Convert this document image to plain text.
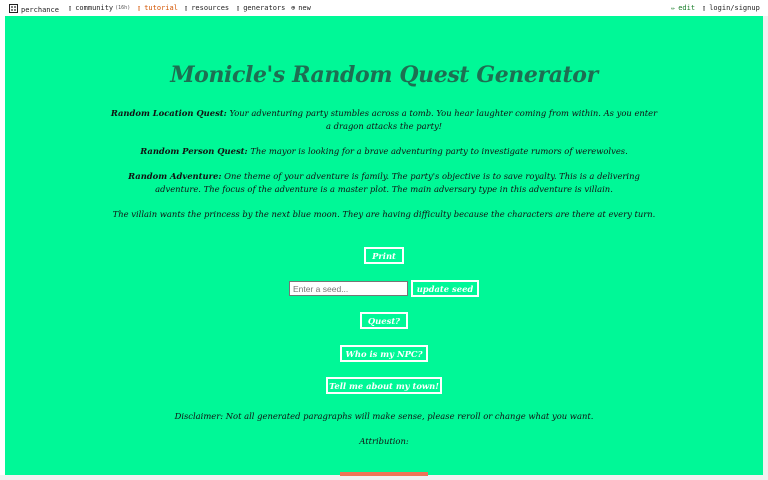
perchance ▯ community (16h) ▯ tutorial ▯ resources ▯ generators ⊕ new	✏ edit ▯ login/signup
Monicle's Random Quest Generator
Random Location Quest: Your adventuring party stumbles across a tomb. You hear laughter coming from within. As you enter a dragon attacks the party!
Random Person Quest: The mayor is looking for a brave adventuring party to investigate rumors of werewolves.
Random Adventure: One theme of your adventure is family. The party's objective is to save royalty. This is a delivering adventure. The focus of the adventure is a master plot. The main adversary type in this adventure is villain.
The villain wants the princess by the next blue moon. They are having difficulty because the characters are there at every turn.
Print
Enter a seed...
update seed
Quest?
Who is my NPC?
Tell me about my town!
Disclaimer: Not all generated paragraphs will make sense, please reroll or change what you want.
Attribution:
